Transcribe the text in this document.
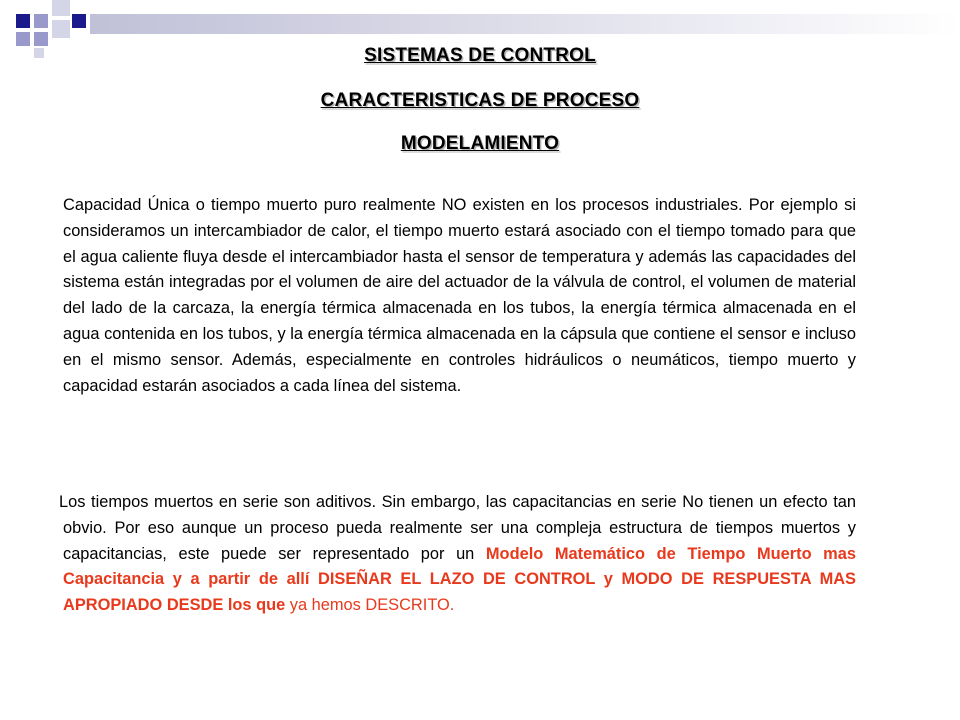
SISTEMAS DE CONTROL
CARACTERISTICAS DE PROCESO
MODELAMIENTO
Capacidad Única o tiempo muerto puro realmente NO existen en los procesos industriales. Por ejemplo si consideramos un intercambiador de calor, el tiempo muerto estará asociado con el tiempo tomado para que el agua caliente fluya desde el intercambiador hasta el sensor de temperatura y además las capacidades del sistema están integradas por el volumen de aire del actuador de la válvula de control, el volumen de material del lado de la carcaza, la energía térmica almacenada en los tubos, la energía térmica almacenada en el agua contenida en los tubos, y la energía térmica almacenada en la cápsula que contiene el sensor e incluso en el mismo sensor. Además, especialmente en controles hidráulicos o neumáticos, tiempo muerto y capacidad estarán asociados a cada línea del sistema.
Los tiempos muertos en serie son aditivos. Sin embargo, las capacitancias en serie No tienen un efecto tan obvio. Por eso aunque un proceso pueda realmente ser una compleja estructura de tiempos muertos y capacitancias, este puede ser representado por un Modelo Matemático de Tiempo Muerto mas Capacitancia y a partir de allí DISEÑAR EL LAZO DE CONTROL y MODO DE RESPUESTA MAS APROPIADO DESDE los que ya hemos DESCRITO.
